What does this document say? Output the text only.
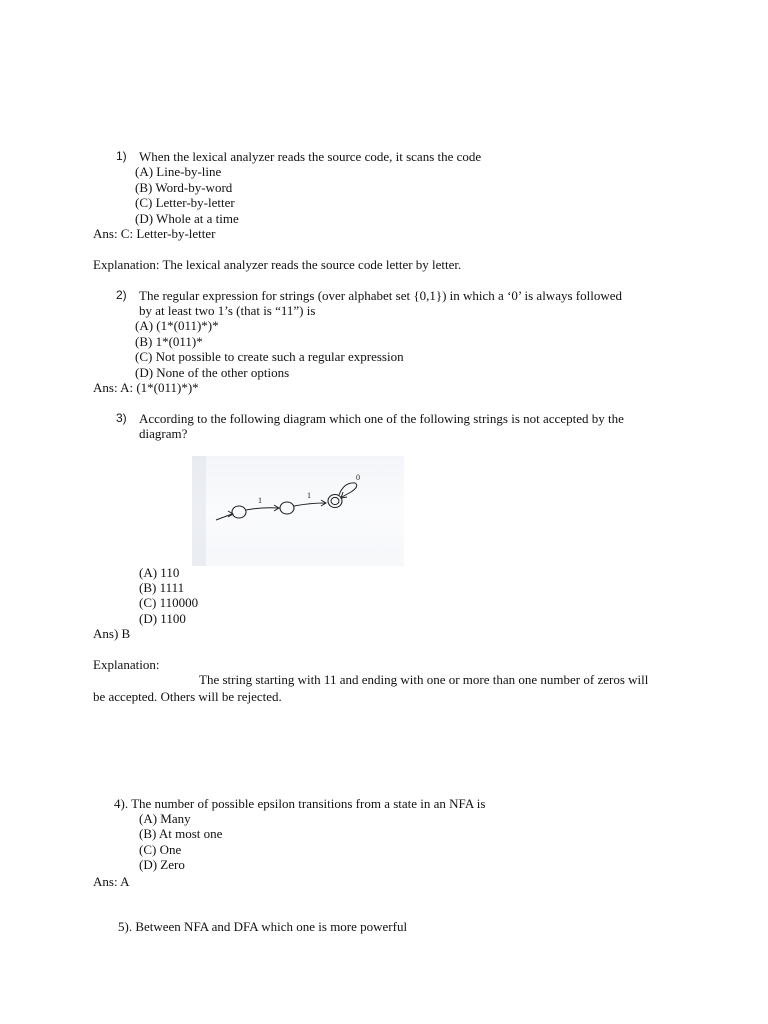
1) When the lexical analyzer reads the source code, it scans the code
(A) Line-by-line
(B) Word-by-word
(C) Letter-by-letter
(D) Whole at a time
Ans: C: Letter-by-letter
Explanation: The lexical analyzer reads the source code letter by letter.
2) The regular expression for strings (over alphabet set {0,1}) in which a ‘0’ is always followed
by at least two 1’s (that is “11”) is
(A) (1*(011)*)*
(B) 1*(011)*
(C) Not possible to create such a regular expression
(D) None of the other options
Ans: A: (1*(011)*)*
3) According to the following diagram which one of the following strings is not accepted by the
diagram?
1
1
0
(A) 110
(B) 1111
(C) 110000
(D) 1100
Ans) B
Explanation:
The string starting with 11 and ending with one or more than one number of zeros will
be accepted. Others will be rejected.
4). The number of possible epsilon transitions from a state in an NFA is
(A) Many
(B) At most one
(C) One
(D) Zero
Ans: A
5). Between NFA and DFA which one is more powerful
